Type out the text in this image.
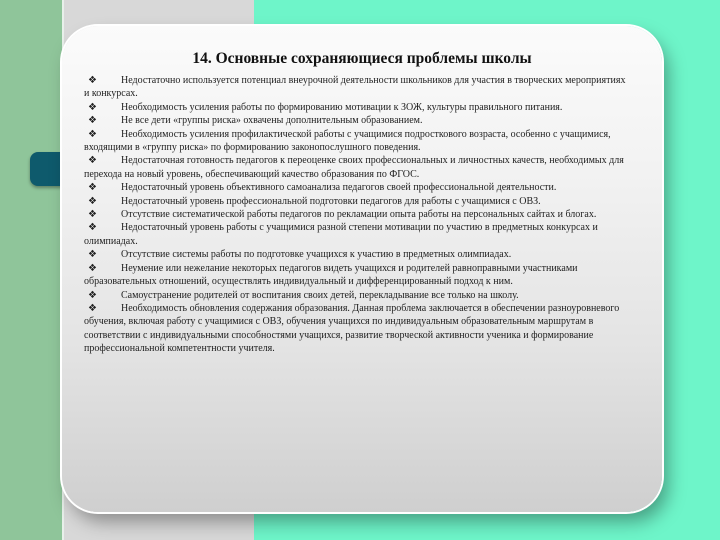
14. Основные сохраняющиеся проблемы школы

❖ Недостаточно используется потенциал внеурочной деятельности школьников для участия в творческих мероприятиях и конкурсах.

❖ Необходимость усиления работы по формированию мотивации к ЗОЖ, культуры правильного питания.

❖ Не все дети «группы риска» охвачены дополнительным образованием.

❖ Необходимость усиления профилактической работы с учащимися подросткового возраста, особенно с учащимися, входящими в «группу риска» по формированию законопослушного поведения.

❖ Недостаточная готовность педагогов к переоценке своих профессиональных и личностных качеств, необходимых для перехода на новый уровень, обеспечивающий качество образования по ФГОС.

❖ Недостаточный уровень объективного самоанализа педагогов своей профессиональной деятельности.

❖ Недостаточный уровень профессиональной подготовки педагогов для работы с учащимися с ОВЗ.

❖ Отсутствие систематической работы педагогов по рекламации опыта работы на персональных сайтах и блогах.

❖ Недостаточный уровень работы с учащимися разной степени мотивации по участию в предметных конкурсах и олимпиадах.

❖ Отсутствие системы работы по подготовке учащихся к участию в предметных олимпиадах.

❖ Неумение или нежелание некоторых педагогов видеть учащихся и родителей равноправными участниками образовательных отношений, осуществлять индивидуальный и дифференцированный подход к ним.

❖ Самоустранение родителей от воспитания своих детей, перекладывание все только на школу.

❖ Необходимость обновления содержания образования. Данная проблема заключается в обеспечении разноуровневого обучения, включая работу с учащимися с ОВЗ, обучения учащихся по индивидуальным образовательным маршрутам в соответствии с индивидуальными способностями учащихся, развитие творческой активности ученика и формирование профессиональной компетентности учителя.
